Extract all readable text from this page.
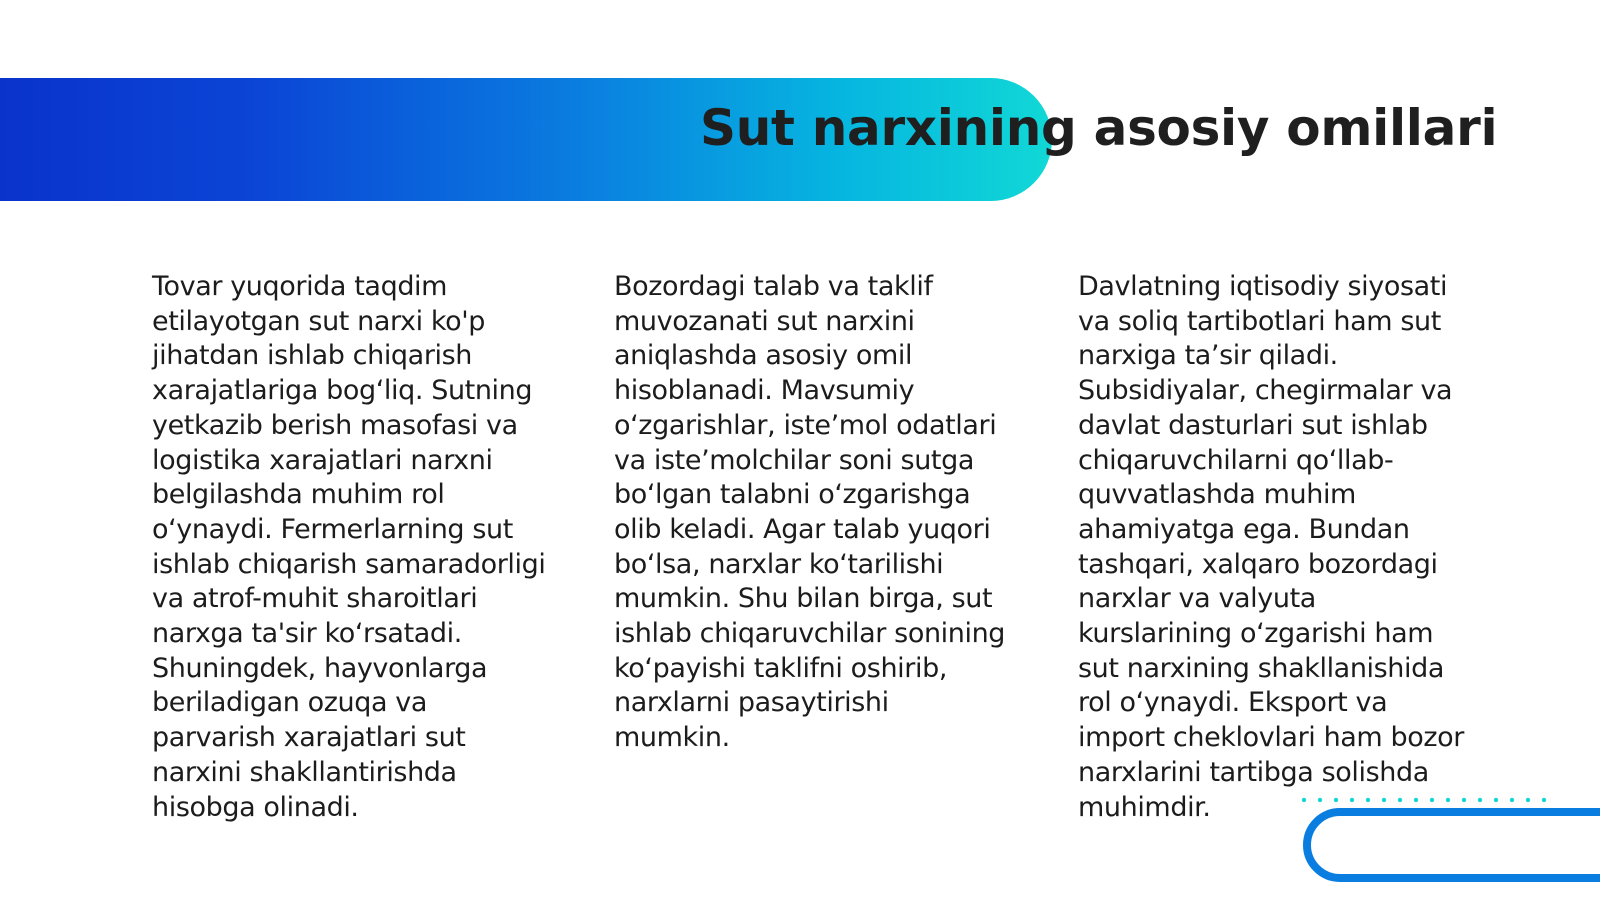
Sut narxining asosiy omillari

Tovar yuqorida taqdim etilayotgan sut narxi ko'p jihatdan ishlab chiqarish xarajatlariga bog‘liq. Sutning yetkazib berish masofasi va logistika xarajatlari narxni belgilashda muhim rol o‘ynaydi. Fermerlarning sut ishlab chiqarish samaradorligi va atrof-muhit sharoitlari narxga ta'sir ko‘rsatadi. Shuningdek, hayvonlarga beriladigan ozuqa va parvarish xarajatlari sut narxini shakllantirishda hisobga olinadi.

Bozordagi talab va taklif muvozanati sut narxini aniqlashda asosiy omil hisoblanadi. Mavsumiy o‘zgarishlar, iste’mol odatlari va iste’molchilar soni sutga bo‘lgan talabni o‘zgarishga olib keladi. Agar talab yuqori bo‘lsa, narxlar ko‘tarilishi mumkin. Shu bilan birga, sut ishlab chiqaruvchilar sonining ko‘payishi taklifni oshirib, narxlarni pasaytirishi mumkin.

Davlatning iqtisodiy siyosati va soliq tartibotlari ham sut narxiga ta’sir qiladi. Subsidiyalar, chegirmalar va davlat dasturlari sut ishlab chiqaruvchilarni qo‘llab-quvvatlashda muhim ahamiyatga ega. Bundan tashqari, xalqaro bozordagi narxlar va valyuta kurslarining o‘zgarishi ham sut narxining shakllanishida rol o‘ynaydi. Eksport va import cheklovlari ham bozor narxlarini tartibga solishda muhimdir.
